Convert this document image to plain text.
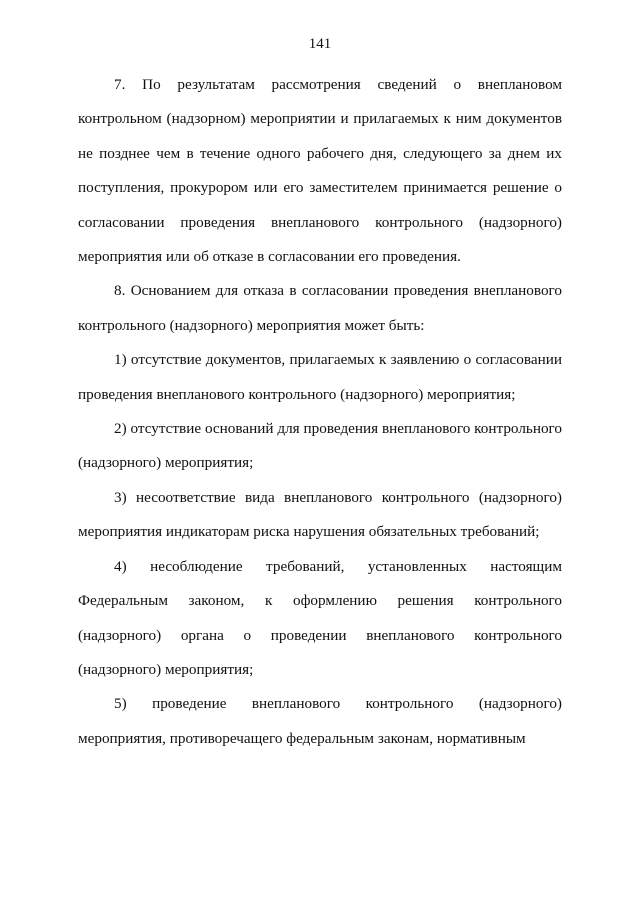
141

7. По результатам рассмотрения сведений о внеплановом контрольном (надзорном) мероприятии и прилагаемых к ним документов не позднее чем в течение одного рабочего дня, следующего за днем их поступления, прокурором или его заместителем принимается решение о согласовании проведения внепланового контрольного (надзорного) мероприятия или об отказе в согласовании его проведения.

8. Основанием для отказа в согласовании проведения внепланового контрольного (надзорного) мероприятия может быть:

1) отсутствие документов, прилагаемых к заявлению о согласовании проведения внепланового контрольного (надзорного) мероприятия;

2) отсутствие оснований для проведения внепланового контрольного (надзорного) мероприятия;

3) несоответствие вида внепланового контрольного (надзорного) мероприятия индикаторам риска нарушения обязательных требований;

4) несоблюдение требований, установленных настоящим Федеральным законом, к оформлению решения контрольного (надзорного) органа о проведении внепланового контрольного (надзорного) мероприятия;

5) проведение внепланового контрольного (надзорного) мероприятия, противоречащего федеральным законам, нормативным
